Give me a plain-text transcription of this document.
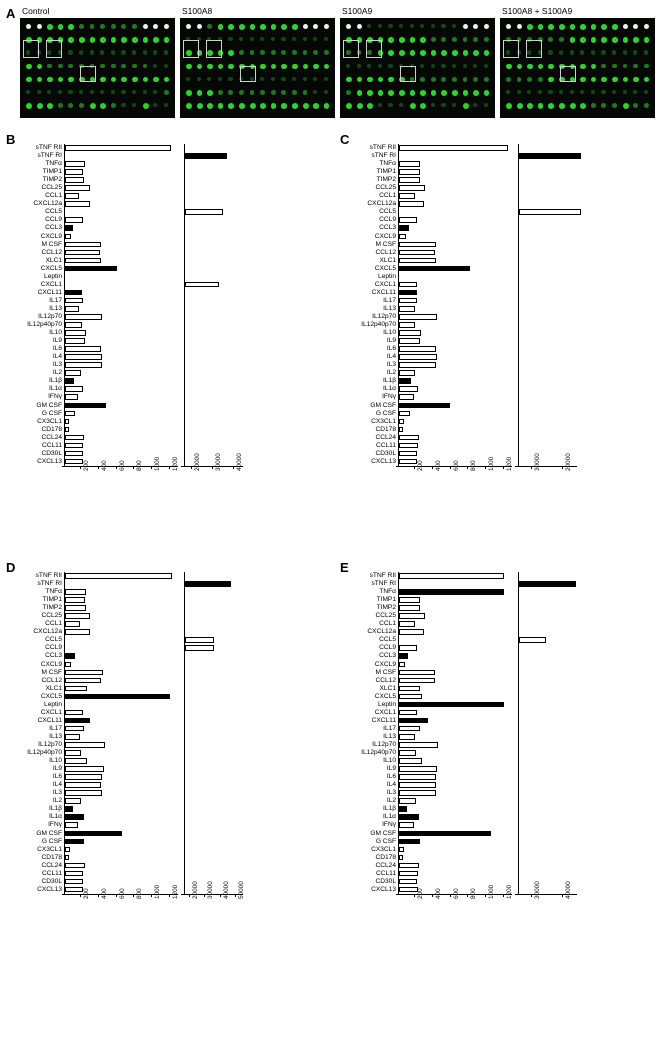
A Control	S100A8	S100A9	S100A8 + S100A9
B
sTNF RII
sTNF RI
TNFα
TIMP1
TIMP2
CCL25
CCL1
CXCL12a
CCL5
CCL9
CCL3
CXCL9
M CSF
CCL12
XLC1
CXCL5
Leptin
CXCL1
CXCL11
IL17
IL13
IL12p70
IL12p40p70
IL10
IL9
IL6
IL4
IL3
IL2
IL1β
IL1α
IFNγ
GM CSF
G CSF
CX3CL1
CD178
CCL24
CCL11
CD30L
CXCL13	200 400 600 800 1000 1200 20000 30000 40000
C
sTNF RII
sTNF RI
TNFα
TIMP1
TIMP2
CCL25
CCL1
CXCL12a
CCL5
CCL9
CCL3
CXCL9
M CSF
CCL12
XLC1
CXCL5
Leptin
CXCL1
CXCL11
IL17
IL13
IL12p70
IL12p40p70
IL10
IL9
IL6
IL4
IL3
IL2
IL1β
IL1α
IFNγ
GM CSF
G CSF
CX3CL1
CD178
CCL24
CCL11
CD30L
CXCL13	200 400 600 800 1000 1200	30000	20000
D
sTNF RII
sTNF RI
TNFα
TIMP1
TIMP2
CCL25
CCL1
CXCL12a
CCL5
CCL9
CCL3
CXCL9
M CSF
CCL12
XLC1
CXCL5
Leptin
CXCL1
CXCL11
IL17
IL13
IL12p70
IL12p40p70
IL10
IL9
IL6
IL4
IL3
IL2
IL1β
IL1α
IFNγ
GM CSF
G CSF
CX3CL1
CD178
CCL24
CCL11
CD30L
CXCL13	200 400 600 800 1000 1200 20000 30000 40000 50000
E
sTNF RII
sTNF RI
TNFα
TIMP1
TIMP2
CCL25
CCL1
CXCL12a
CCL5
CCL9
CCL3
CXCL9
M CSF
CCL12
XLC1
CXCL5
Leptin
CXCL1
CXCL11
IL17
IL13
IL12p70
IL12p40p70
IL10
IL9
IL6
IL4
IL3
IL2
IL1β
IL1α
IFNγ
GM CSF
G CSF
CX3CL1
CD178
CCL24
CCL11
CD30L
CXCL13	200 400 600 800 1000 1200	30000	40000
